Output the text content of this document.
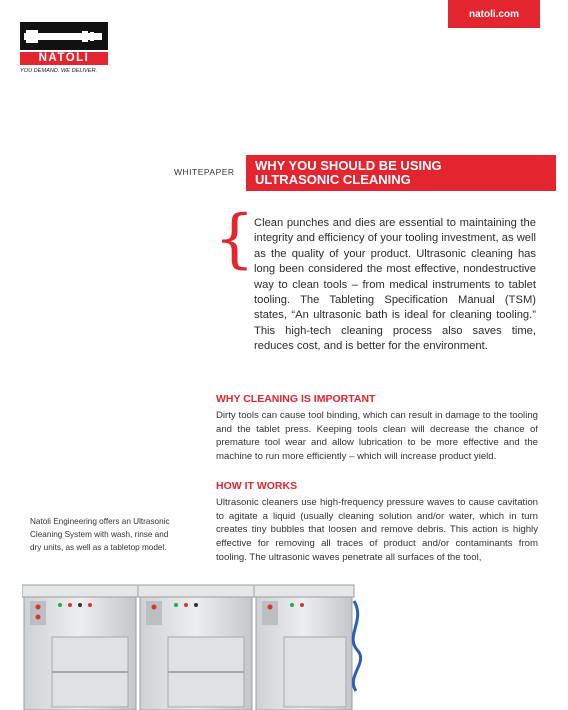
natoli.com
NATOLI
YOU DEMAND. WE DELIVER.
WHITEPAPER WHY YOU SHOULD BE USING
ULTRASONIC CLEANING
{ Clean punches and dies are essential to maintaining the integrity and efficiency of your tooling investment, as well as the quality of your product. Ultrasonic cleaning has long been considered the most effective, nondestructive way to clean tools – from medical instruments to tablet tooling. The Tableting Specification Manual (TSM) states, “An ultrasonic bath is ideal for cleaning tooling.” This high-tech cleaning process also saves time, reduces cost, and is better for the environment.

WHY CLEANING IS IMPORTANT

Dirty tools can cause tool binding, which can result in damage to the tooling and the tablet press. Keeping tools clean will decrease the chance of premature tool wear and allow lubrication to be more effective and the machine to run more efficiently – which will increase product yield.

HOW IT WORKS

Ultrasonic cleaners use high-frequency pressure waves to cause cavitation to agitate a liquid (usually cleaning solution and/or water, which in turn creates tiny bubbles that loosen and remove debris. This action is highly effective for removing all traces of product and/or contaminants from tooling. The ultrasonic waves penetrate all surfaces of the tool,

Natoli Engineering offers an Ultrasonic Cleaning System with wash, rinse and dry units, as well as a tabletop model.
